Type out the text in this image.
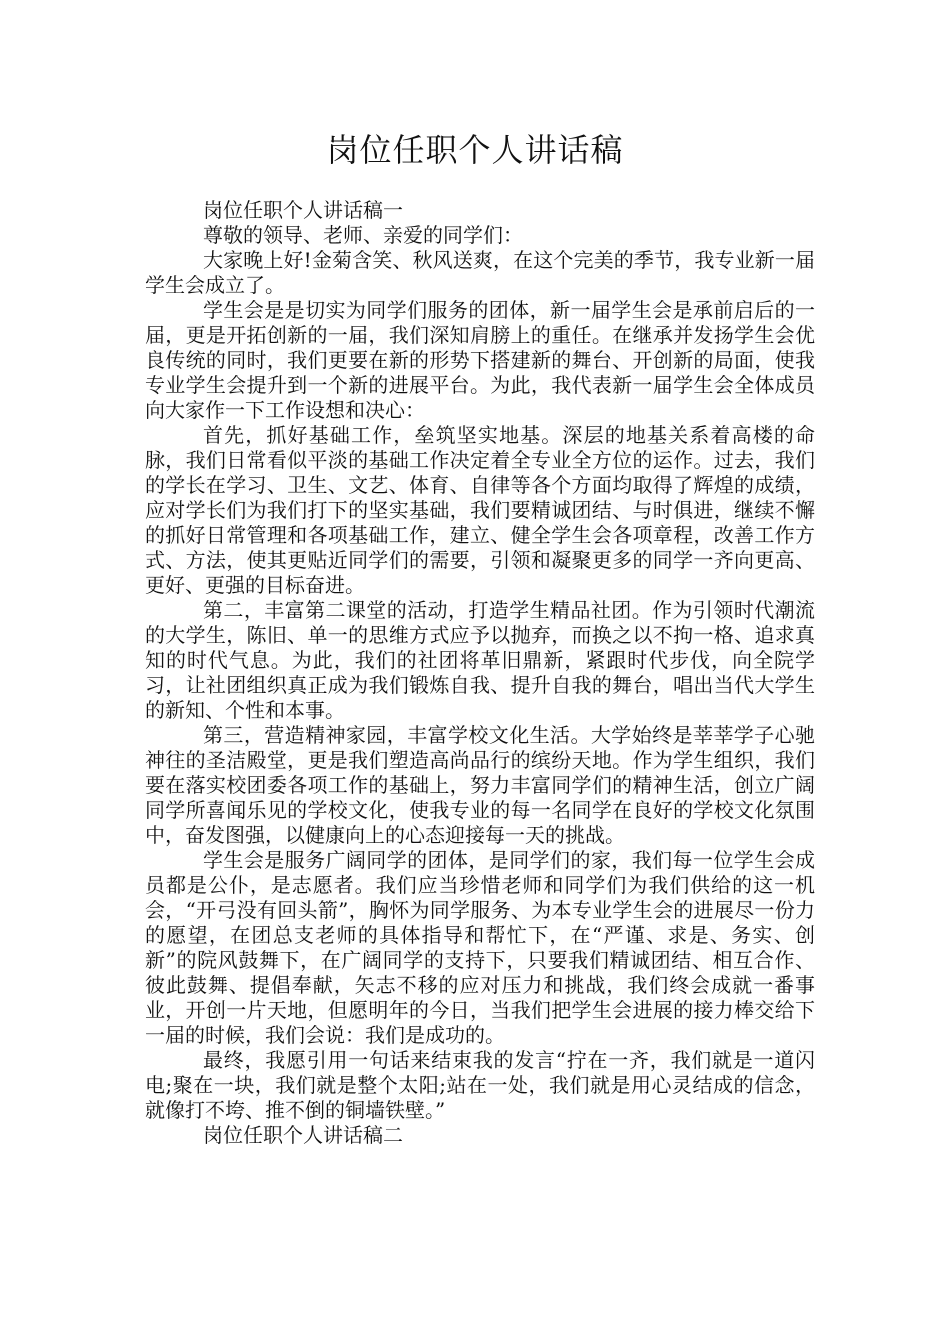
岗位任职个人讲话稿

岗位任职个人讲话稿一

尊敬的领导、老师、亲爱的同学们：

大家晚上好!金菊含笑、秋风送爽，在这个完美的季节，我专业新一届学生会成立了。

学生会是是切实为同学们服务的团体，新一届学生会是承前启后的一届，更是开拓创新的一届，我们深知肩膀上的重任。在继承并发扬学生会优良传统的同时，我们更要在新的形势下搭建新的舞台、开创新的局面，使我专业学生会提升到一个新的进展平台。为此，我代表新一届学生会全体成员向大家作一下工作设想和决心：

首先，抓好基础工作，垒筑坚实地基。深层的地基关系着高楼的命脉，我们日常看似平淡的基础工作决定着全专业全方位的运作。过去，我们的学长在学习、卫生、文艺、体育、自律等各个方面均取得了辉煌的成绩，应对学长们为我们打下的坚实基础，我们要精诚团结、与时俱进，继续不懈的抓好日常管理和各项基础工作，建立、健全学生会各项章程，改善工作方式、方法，使其更贴近同学们的需要，引领和凝聚更多的同学一齐向更高、更好、更强的目标奋进。

第二，丰富第二课堂的活动，打造学生精品社团。作为引领时代潮流的大学生，陈旧、单一的思维方式应予以抛弃，而换之以不拘一格、追求真知的时代气息。为此，我们的社团将革旧鼎新，紧跟时代步伐，向全院学习，让社团组织真正成为我们锻炼自我、提升自我的舞台，唱出当代大学生的新知、个性和本事。

第三，营造精神家园，丰富学校文化生活。大学始终是莘莘学子心驰神往的圣洁殿堂，更是我们塑造高尚品行的缤纷天地。作为学生组织，我们要在落实校团委各项工作的基础上，努力丰富同学们的精神生活，创立广阔同学所喜闻乐见的学校文化，使我专业的每一名同学在良好的学校文化氛围中，奋发图强，以健康向上的心态迎接每一天的挑战。

学生会是服务广阔同学的团体，是同学们的家，我们每一位学生会成员都是公仆，是志愿者。我们应当珍惜老师和同学们为我们供给的这一机会，“开弓没有回头箭”，胸怀为同学服务、为本专业学生会的进展尽一份力的愿望，在团总支老师的具体指导和帮忙下，在“严谨、求是、务实、创新”的院风鼓舞下，在广阔同学的支持下，只要我们精诚团结、相互合作、彼此鼓舞、提倡奉献，矢志不移的应对压力和挑战，我们终会成就一番事业，开创一片天地，但愿明年的今日，当我们把学生会进展的接力棒交给下一届的时候，我们会说：我们是成功的。

最终，我愿引用一句话来结束我的发言“拧在一齐，我们就是一道闪电;聚在一块，我们就是整个太阳;站在一处，我们就是用心灵结成的信念，就像打不垮、推不倒的铜墙铁壁。”

岗位任职个人讲话稿二
